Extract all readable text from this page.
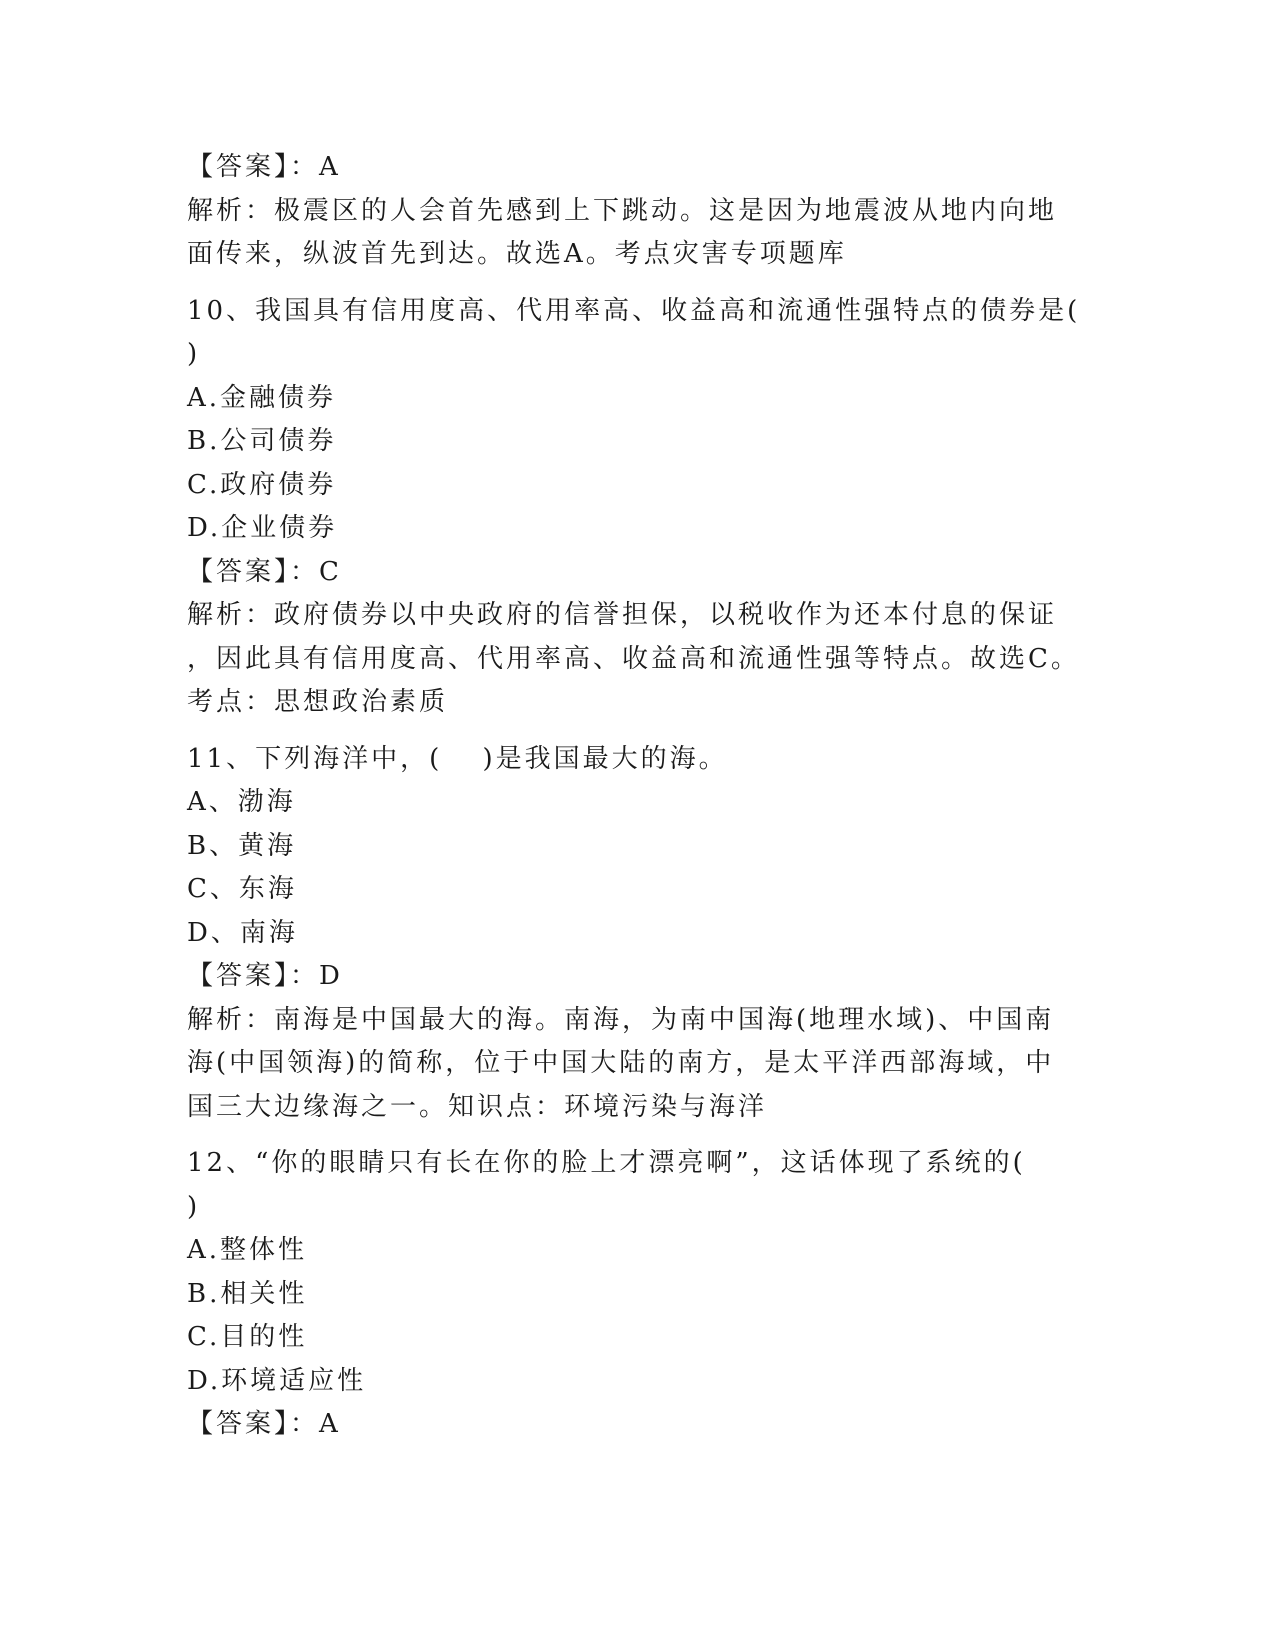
【答案】：A
解析：极震区的人会首先感到上下跳动。这是因为地震波从地内向地
面传来，纵波首先到达。故选A。考点灾害专项题库
10、我国具有信用度高、代用率高、收益高和流通性强特点的债券是(
)
A.金融债券
B.公司债券
C.政府债券
D.企业债券
【答案】：C
解析：政府债券以中央政府的信誉担保，以税收作为还本付息的保证
，因此具有信用度高、代用率高、收益高和流通性强等特点。故选C。
考点：思想政治素质
11、下列海洋中，(　 )是我国最大的海。
A、渤海
B、黄海
C、东海
D、南海
【答案】：D
解析：南海是中国最大的海。南海，为南中国海(地理水域)、中国南
海(中国领海)的简称，位于中国大陆的南方，是太平洋西部海域，中
国三大边缘海之一。知识点：环境污染与海洋
12、“你的眼睛只有长在你的脸上才漂亮啊”，这话体现了系统的(
)
A.整体性
B.相关性
C.目的性
D.环境适应性
【答案】：A
